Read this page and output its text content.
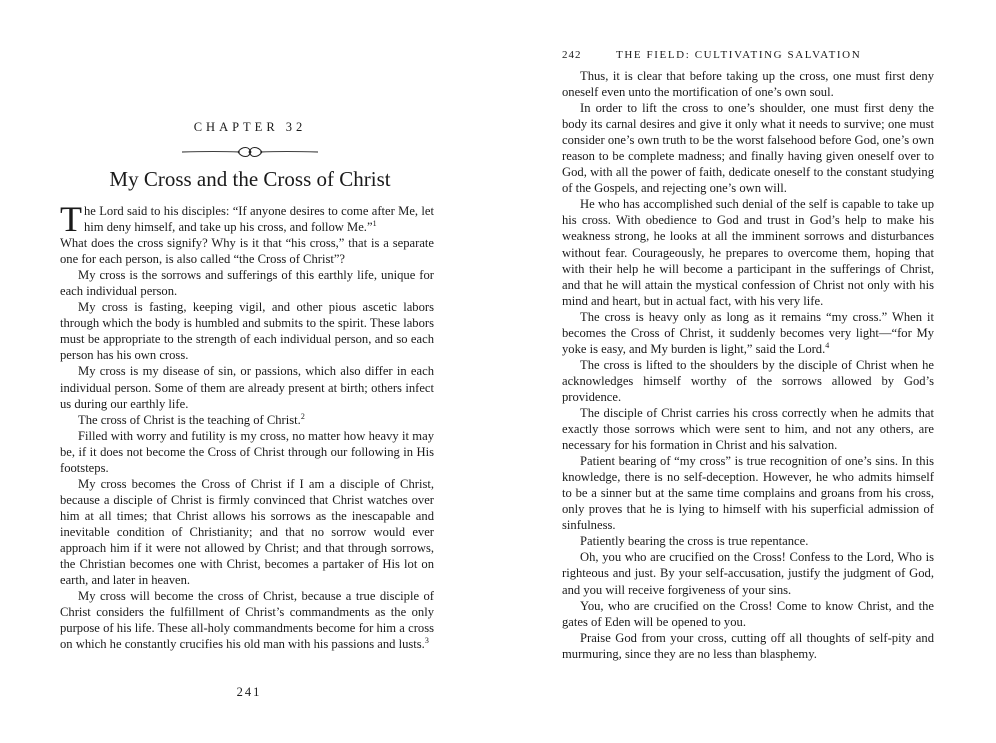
CHAPTER 32
My Cross and the Cross of Christ

The Lord said to his disciples: “If anyone desires to come after Me, let him deny himself, and take up his cross, and follow Me.”$^1$

What does the cross signify? Why is it that “his cross,” that is a separate one for each person, is also called “the Cross of Christ”?

My cross is the sorrows and sufferings of this earthly life, unique for each individual person.

My cross is fasting, keeping vigil, and other pious ascetic labors through which the body is humbled and submits to the spirit. These labors must be appropriate to the strength of each individual person, and so each person has his own cross.

My cross is my disease of sin, or passions, which also differ in each individual person. Some of them are already present at birth; others infect us during our earthly life.

The cross of Christ is the teaching of Christ.$^2$

Filled with worry and futility is my cross, no matter how heavy it may be, if it does not become the Cross of Christ through our following in His footsteps.

My cross becomes the Cross of Christ if I am a disciple of Christ, because a disciple of Christ is firmly convinced that Christ watches over him at all times; that Christ allows his sorrows as the inescapable and inevitable condition of Christianity; and that no sorrow would ever approach him if it were not allowed by Christ; and that through sorrows, the Christian becomes one with Christ, becomes a partaker of His lot on earth, and later in heaven.

My cross will become the cross of Christ, because a true disciple of Christ considers the fulfillment of Christ’s commandments as the only purpose of his life. These all-holy commandments become for him a cross on which he constantly crucifies his old man with his passions and lusts.$^3$

241
242	THE FIELD: CULTIVATING SALVATION

Thus, it is clear that before taking up the cross, one must first deny oneself even unto the mortification of one’s own soul.

In order to lift the cross to one’s shoulder, one must first deny the body its carnal desires and give it only what it needs to survive; one must consider one’s own truth to be the worst falsehood before God, one’s own reason to be complete madness; and finally having given oneself over to God, with all the power of faith, dedicate oneself to the constant studying of the Gospels, and rejecting one’s own will.

He who has accomplished such denial of the self is capable to take up his cross. With obedience to God and trust in God’s help to make his weakness strong, he looks at all the imminent sorrows and disturbances without fear. Courageously, he prepares to overcome them, hoping that with their help he will become a participant in the sufferings of Christ, and that he will attain the mystical confession of Christ not only with his mind and heart, but in actual fact, with his very life.

The cross is heavy only as long as it remains “my cross.” When it becomes the Cross of Christ, it suddenly becomes very light—“for My yoke is easy, and My burden is light,” said the Lord.$^4$

The cross is lifted to the shoulders by the disciple of Christ when he acknowledges himself worthy of the sorrows allowed by God’s providence.

The disciple of Christ carries his cross correctly when he admits that exactly those sorrows which were sent to him, and not any others, are necessary for his formation in Christ and his salvation.

Patient bearing of “my cross” is true recognition of one’s sins. In this knowledge, there is no self-deception. However, he who admits himself to be a sinner but at the same time complains and groans from his cross, only proves that he is lying to himself with his superficial admission of sinfulness.

Patiently bearing the cross is true repentance.

Oh, you who are crucified on the Cross! Confess to the Lord, Who is righteous and just. By your self-accusation, justify the judgment of God, and you will receive forgiveness of your sins.

You, who are crucified on the Cross! Come to know Christ, and the gates of Eden will be opened to you.

Praise God from your cross, cutting off all thoughts of self-pity and murmuring, since they are no less than blasphemy.
